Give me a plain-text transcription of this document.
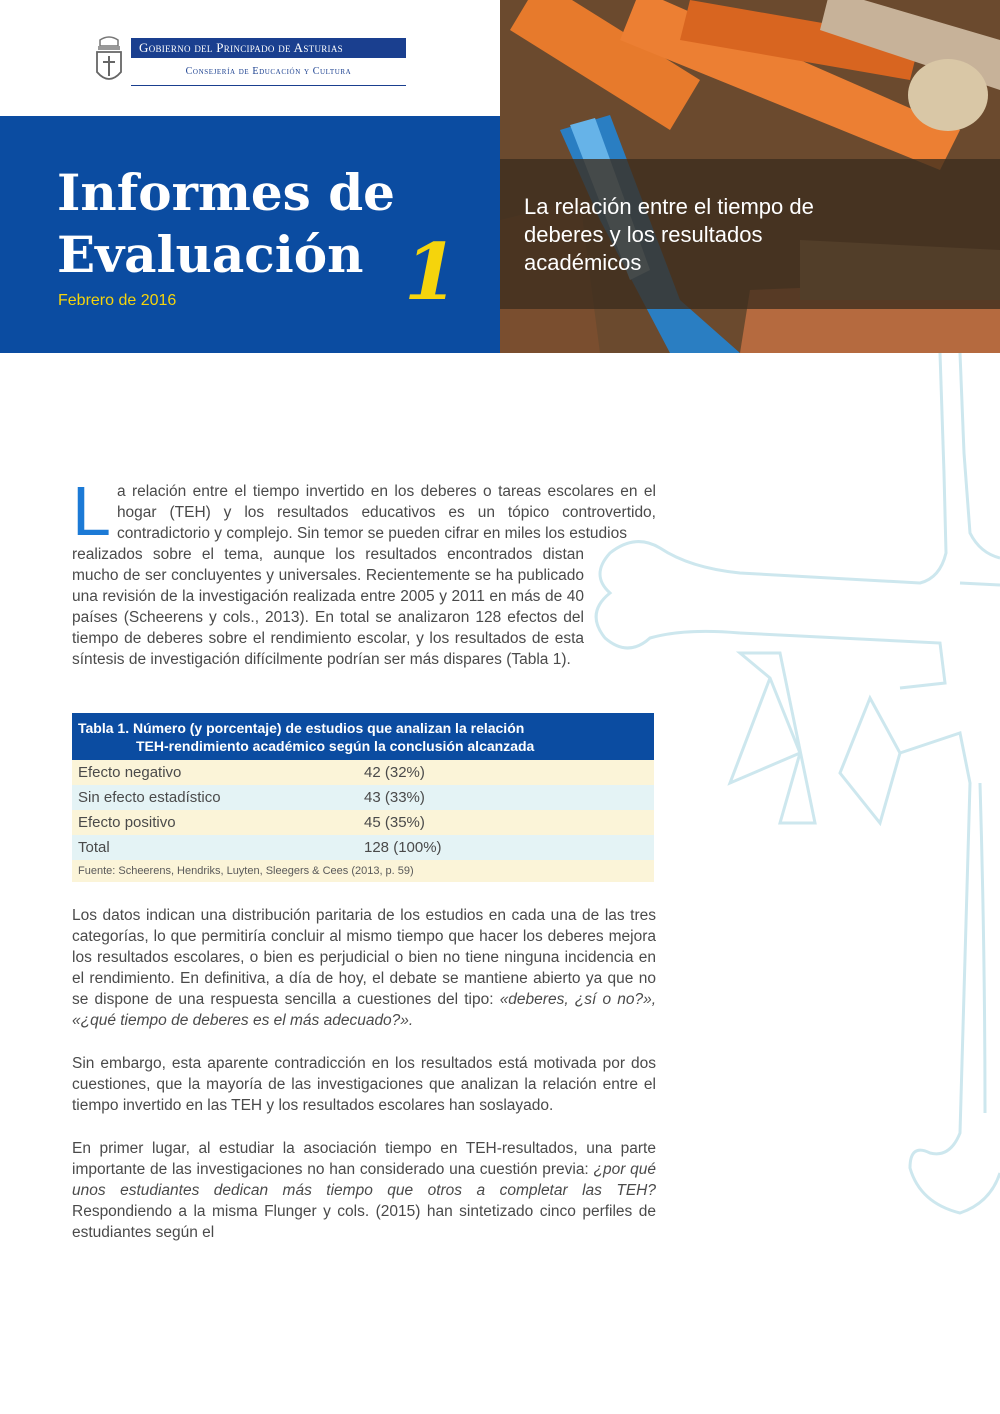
Gobierno del Principado de Asturias
Consejería de Educación y Cultura
Informes de Evaluación
Febrero de 2016	1
La relación entre el tiempo de deberes y los resultados académicos
La relación entre el tiempo invertido en los deberes o tareas escolares en el hogar (TEH) y los resultados educativos es un tópico controvertido, contradictorio y complejo. Sin temor se pueden cifrar en miles los estudios
realizados sobre el tema, aunque los resultados encontrados distan mucho de ser concluyentes y universales. Recientemente se ha publicado una revisión de la investigación realizada entre 2005 y 2011 en más de 40 países (Scheerens y cols., 2013). En total se analizaron 128 efectos del tiempo de deberes sobre el rendimiento escolar, y los resultados de esta síntesis de investigación difícilmente podrían ser más dispares (Tabla 1).
Tabla 1. Número (y porcentaje) de estudios que analizan la relación
TEH-rendimiento académico según la conclusión alcanzada
Efecto negativo	42 (32%)
Sin efecto estadístico	43 (33%)
Efecto positivo	45 (35%)
Total	128 (100%)
Fuente: Scheerens, Hendriks, Luyten, Sleegers & Cees (2013, p. 59)
Los datos indican una distribución paritaria de los estudios en cada una de las tres categorías, lo que permitiría concluir al mismo tiempo que hacer los deberes mejora los resultados escolares, o bien es perjudicial o bien no tiene ninguna incidencia en el rendimiento. En definitiva, a día de hoy, el debate se mantiene abierto ya que no se dispone de una respuesta sencilla a cuestiones del tipo: «deberes, ¿sí o no?», «¿qué tiempo de deberes es el más adecuado?».
Sin embargo, esta aparente contradicción en los resultados está motivada por dos cuestiones, que la mayoría de las investigaciones que analizan la relación entre el tiempo invertido en las TEH y los resultados escolares han soslayado.
En primer lugar, al estudiar la asociación tiempo en TEH-resultados, una parte importante de las investigaciones no han considerado una cuestión previa: ¿por qué unos estudiantes dedican más tiempo que otros a completar las TEH? Respondiendo a la misma Flunger y cols. (2015) han sintetizado cinco perfiles de estudiantes según el
